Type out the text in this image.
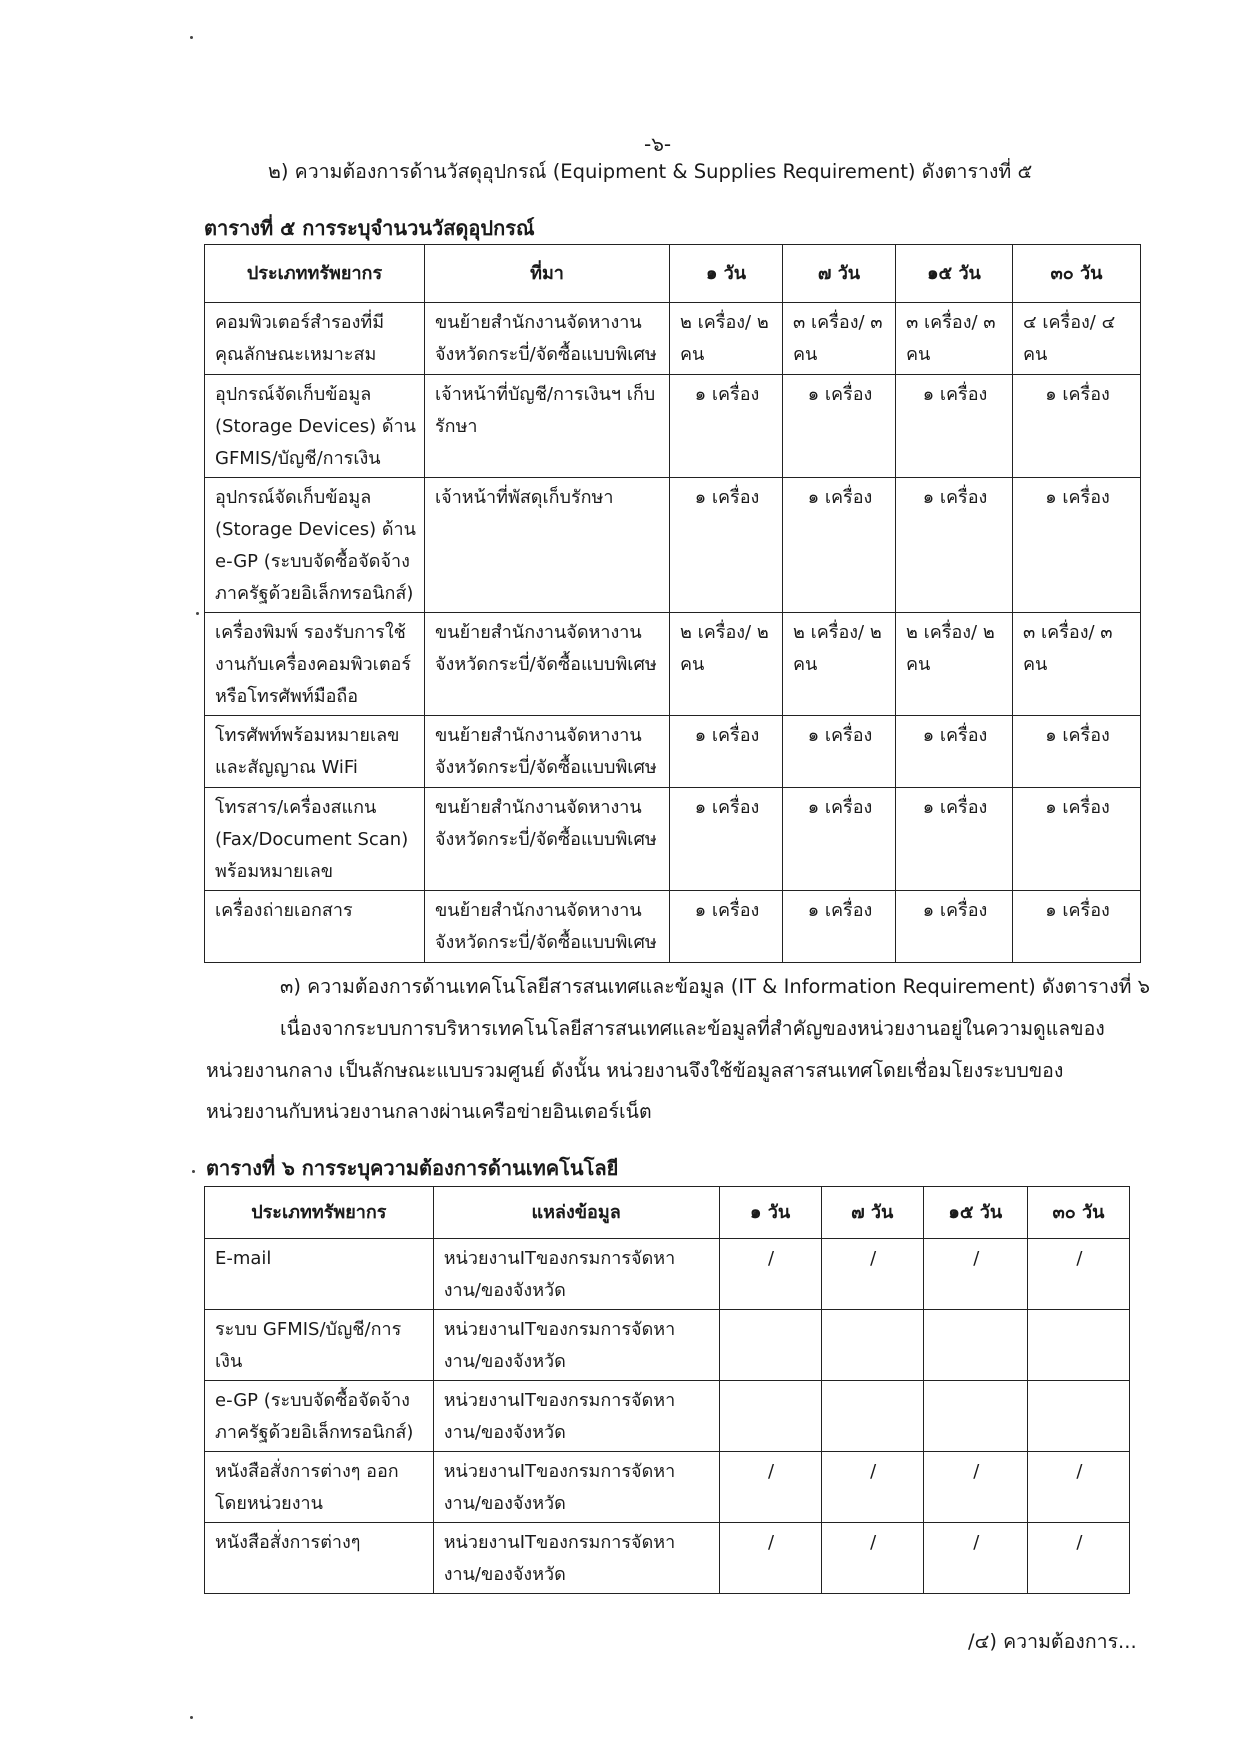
-๖-
๒) ความต้องการด้านวัสดุอุปกรณ์ (Equipment & Supplies Requirement) ดังตารางที่ ๕
ตารางที่ ๕ การระบุจำนวนวัสดุอุปกรณ์
ประเภททรัพยากร	ที่มา	๑ วัน	๗ วัน	๑๕ วัน	๓๐ วัน
คอมพิวเตอร์สำรองที่มีคุณลักษณะเหมาะสม	ขนย้ายสำนักงานจัดหางานจังหวัดกระบี่/จัดซื้อแบบพิเศษ	๒ เครื่อง/ ๒ คน	๓ เครื่อง/ ๓ คน	๓ เครื่อง/ ๓ คน	๔ เครื่อง/ ๔ คน
อุปกรณ์จัดเก็บข้อมูล (Storage Devices) ด้าน GFMIS/บัญชี/การเงิน	เจ้าหน้าที่บัญชี/การเงินฯ เก็บรักษา	๑ เครื่อง	๑ เครื่อง	๑ เครื่อง	๑ เครื่อง
อุปกรณ์จัดเก็บข้อมูล (Storage Devices) ด้าน e-GP (ระบบจัดซื้อจัดจ้างภาครัฐด้วยอิเล็กทรอนิกส์)	เจ้าหน้าที่พัสดุเก็บรักษา	๑ เครื่อง	๑ เครื่อง	๑ เครื่อง	๑ เครื่อง
เครื่องพิมพ์ รองรับการใช้งานกับเครื่องคอมพิวเตอร์หรือโทรศัพท์มือถือ	ขนย้ายสำนักงานจัดหางานจังหวัดกระบี่/จัดซื้อแบบพิเศษ	๒ เครื่อง/ ๒ คน	๒ เครื่อง/ ๒ คน	๒ เครื่อง/ ๒ คน	๓ เครื่อง/ ๓ คน
โทรศัพท์พร้อมหมายเลขและสัญญาณ WiFi	ขนย้ายสำนักงานจัดหางานจังหวัดกระบี่/จัดซื้อแบบพิเศษ	๑ เครื่อง	๑ เครื่อง	๑ เครื่อง	๑ เครื่อง
โทรสาร/เครื่องสแกน (Fax/Document Scan) พร้อมหมายเลข	ขนย้ายสำนักงานจัดหางานจังหวัดกระบี่/จัดซื้อแบบพิเศษ	๑ เครื่อง	๑ เครื่อง	๑ เครื่อง	๑ เครื่อง
เครื่องถ่ายเอกสาร	ขนย้ายสำนักงานจัดหางานจังหวัดกระบี่/จัดซื้อแบบพิเศษ	๑ เครื่อง	๑ เครื่อง	๑ เครื่อง	๑ เครื่อง
๓) ความต้องการด้านเทคโนโลยีสารสนเทศและข้อมูล (IT & Information Requirement) ดังตารางที่ ๖
เนื่องจากระบบการบริหารเทคโนโลยีสารสนเทศและข้อมูลที่สำคัญของหน่วยงานอยู่ในความดูแลของ
หน่วยงานกลาง เป็นลักษณะแบบรวมศูนย์ ดังนั้น หน่วยงานจึงใช้ข้อมูลสารสนเทศโดยเชื่อมโยงระบบของ
หน่วยงานกับหน่วยงานกลางผ่านเครือข่ายอินเตอร์เน็ต
ตารางที่ ๖ การระบุความต้องการด้านเทคโนโลยี
ประเภททรัพยากร	แหล่งข้อมูล	๑ วัน	๗ วัน	๑๕ วัน	๓๐ วัน
E-mail	หน่วยงานITของกรมการจัดหางาน/ของจังหวัด	/	/	/	/
ระบบ GFMIS/บัญชี/การเงิน	หน่วยงานITของกรมการจัดหางาน/ของจังหวัด				
e-GP (ระบบจัดซื้อจัดจ้างภาครัฐด้วยอิเล็กทรอนิกส์)	หน่วยงานITของกรมการจัดหางาน/ของจังหวัด				
หนังสือสั่งการต่างๆ ออกโดยหน่วยงาน	หน่วยงานITของกรมการจัดหางาน/ของจังหวัด	/	/	/	/
หนังสือสั่งการต่างๆ	หน่วยงานITของกรมการจัดหางาน/ของจังหวัด	/	/	/	/
/๔) ความต้องการ...
